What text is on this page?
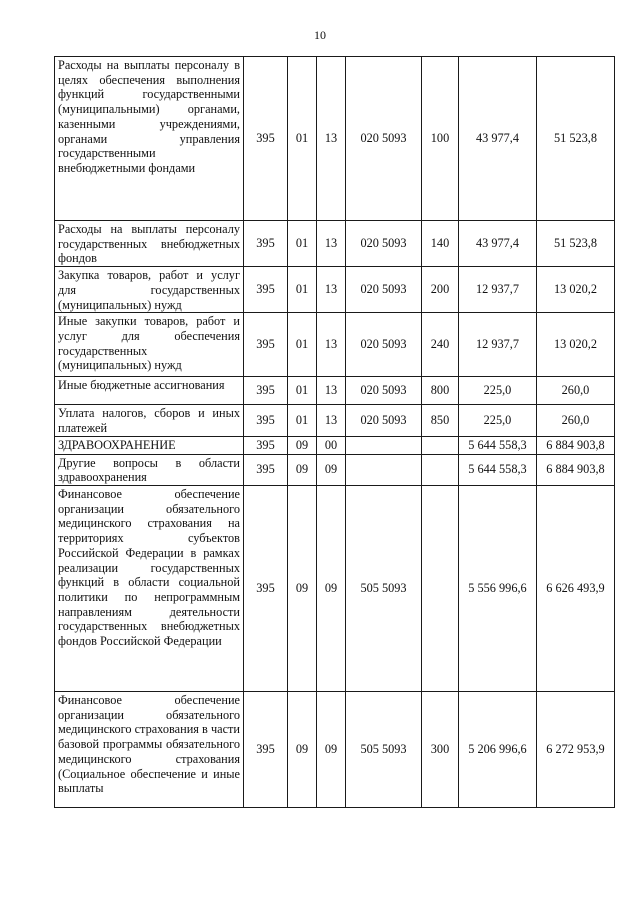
10
Расходы на выплаты персоналу в целях обеспечения выполнения функций государственными (муниципальными) органами, казенными учреждениями, органами управления государственными внебюджетными фондами	395	01	13	020 5093	100	43 977,4	51 523,8

Расходы на выплаты персоналу государственных внебюджетных фондов	395	01	13	020 5093	140	43 977,4	51 523,8

Закупка товаров, работ и услуг для государственных (муниципальных) нужд	395	01	13	020 5093	200	12 937,7	13 020,2

Иные закупки товаров, работ и услуг для обеспечения государственных (муниципальных) нужд	395	01	13	020 5093	240	12 937,7	13 020,2

Иные бюджетные ассигнования	395	01	13	020 5093	800	225,0	260,0

Уплата налогов, сборов и иных платежей	395	01	13	020 5093	850	225,0	260,0

ЗДРАВООХРАНЕНИЕ	395	09	00			5 644 558,3	6 884 903,8

Другие вопросы в области здравоохранения	395	09	09			5 644 558,3	6 884 903,8

Финансовое обеспечение организации обязательного медицинского страхования на территориях субъектов Российской Федерации в рамках реализации государственных функций в области социальной политики по непрограммным направлениям деятельности государственных внебюджетных фондов Российской Федерации	395	09	09	505 5093		5 556 996,6	6 626 493,9

Финансовое обеспечение организации обязательного медицинского страхования в части базовой программы обязательного медицинского страхования (Социальное обеспечение и иные выплаты	395	09	09	505 5093	300	5 206 996,6	6 272 953,9
